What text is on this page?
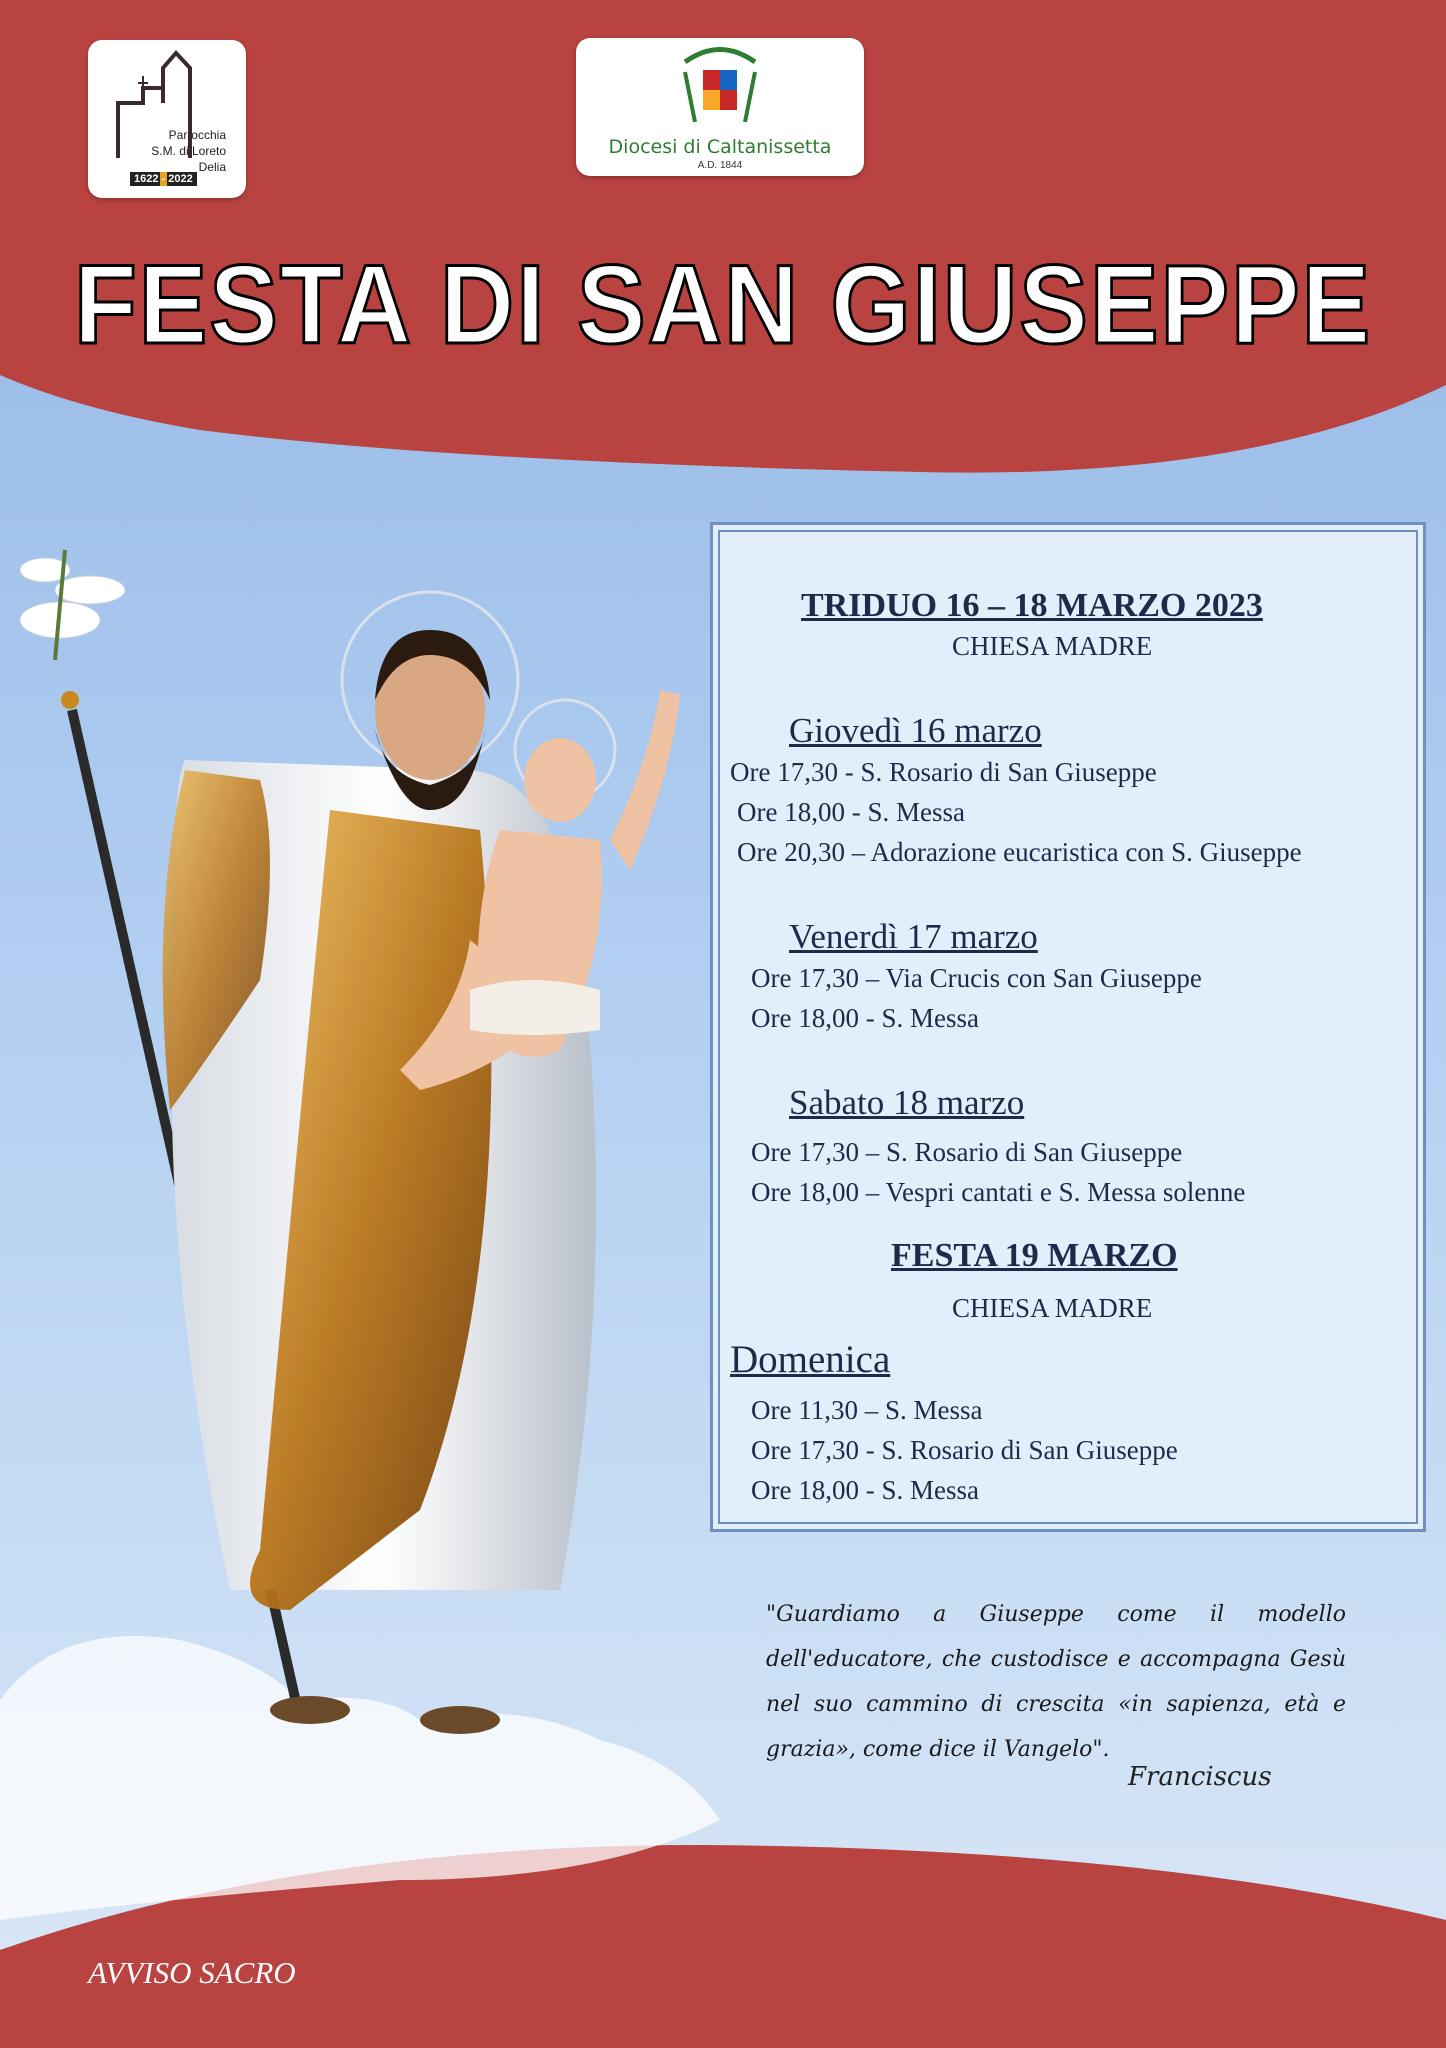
Parrocchia
S.M. di Loreto
Delia
1622 - 2022
Diocesi di Caltanissetta
A.D. 1844
FESTA DI SAN GIUSEPPE
TRIDUO 16 – 18 MARZO 2023
CHIESA MADRE
Giovedì 16 marzo
Ore 17,30 - S. Rosario di San Giuseppe
Ore 18,00 - S. Messa
Ore 20,30 – Adorazione eucaristica con S. Giuseppe
Venerdì 17 marzo
Ore 17,30 – Via Crucis con San Giuseppe
Ore 18,00 - S. Messa
Sabato 18 marzo
Ore 17,30 – S. Rosario di San Giuseppe
Ore 18,00 – Vespri cantati e S. Messa solenne
FESTA 19 MARZO
CHIESA MADRE
Domenica
Ore 11,30 – S. Messa
Ore 17,30 - S. Rosario di San Giuseppe
Ore 18,00 - S. Messa
"Guardiamo a Giuseppe come il modello dell'educatore, che custodisce e accompagna Gesù nel suo cammino di crescita «in sapienza, età e grazia», come dice il Vangelo".
Franciscus
AVVISO SACRO
